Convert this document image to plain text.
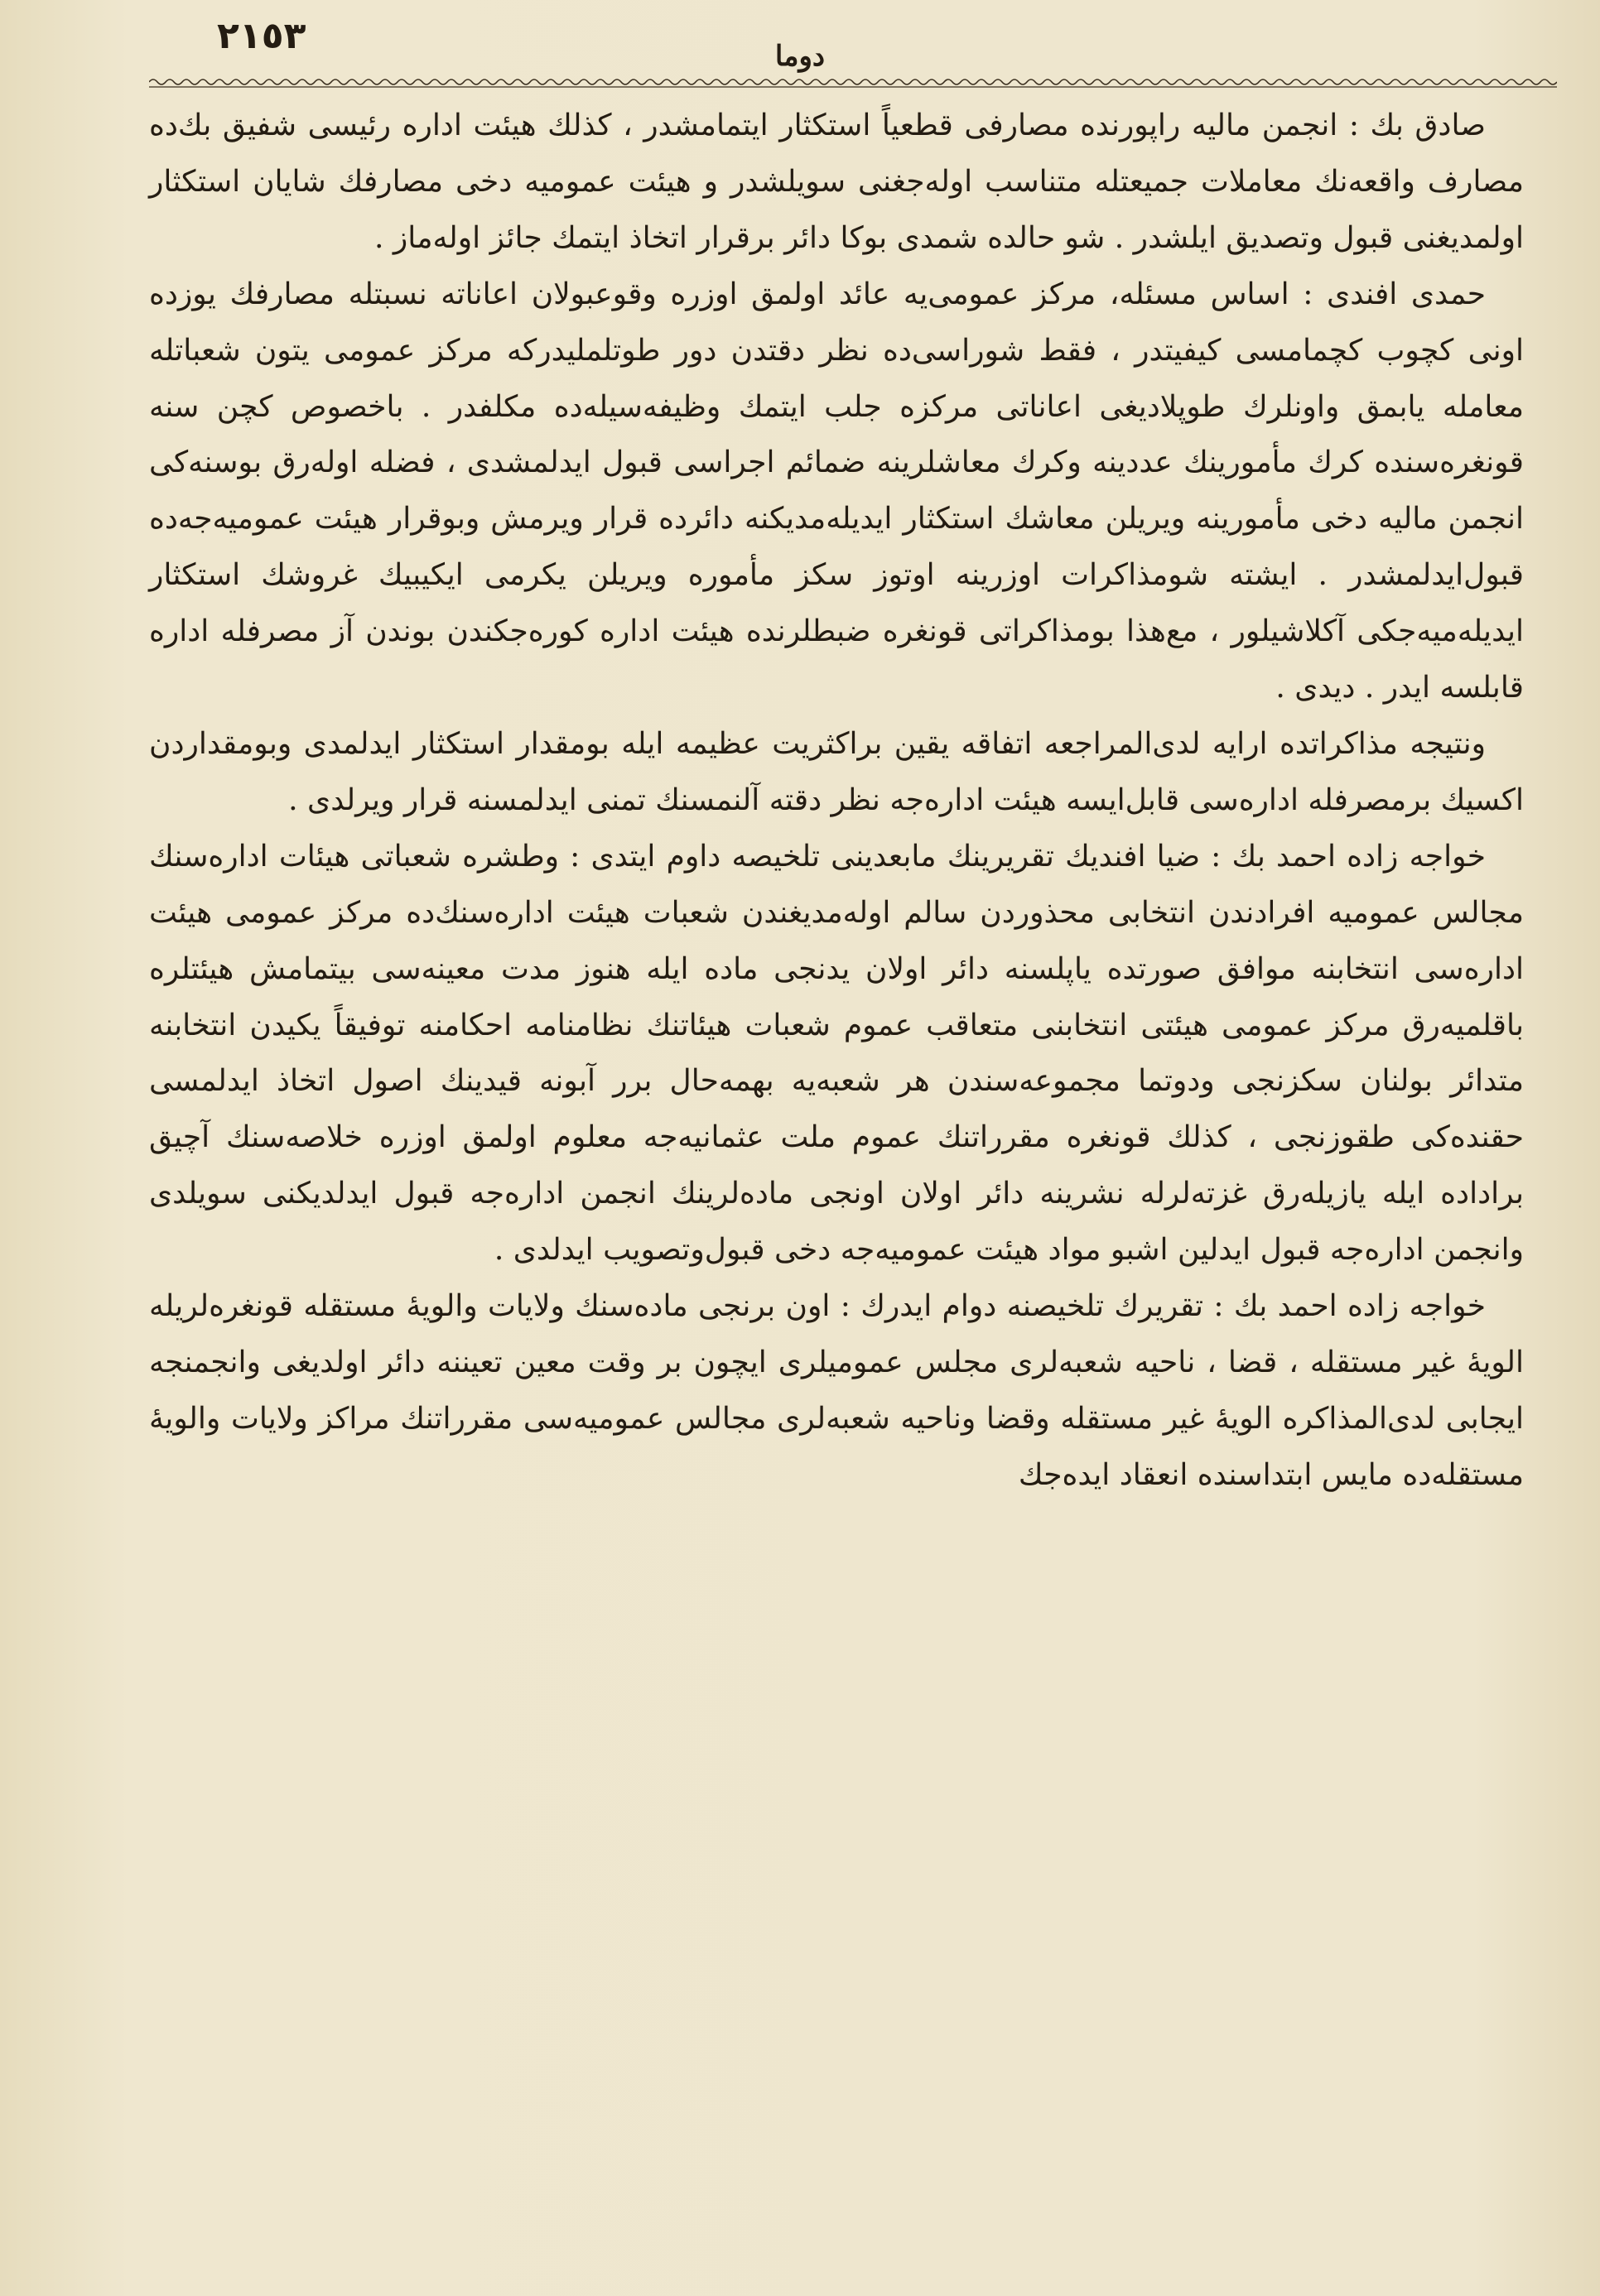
٢١٥٣	دوما

صادق بك : انجمن ماليه راپورنده مصارفى قطعياً استكثار ايتمامشدر ، كذلك هيئت اداره رئيسى شفيق بك‌ده مصارف واقعه‌نك معاملات جميعتله متناسب اوله‌جغنى سويلشدر و هيئت عموميه دخى مصارفك شايان استكثار اولمديغنى قبول وتصديق ايلشدر . شو حالده شمدى بوكا دائر برقرار اتخاذ ايتمك جائز اوله‌ماز .

حمدى افندى : اساس مسئله، مركز عمومى‌يه عائد اولمق اوزره وقوعبولان اعاناته نسبتله مصارفك يوزده اونى كچوب كچمامسى كيفيتدر ، فقط شوراسى‌ده نظر دقتدن دور طوتلمليدركه مركز عمومى يتون شعباتله معامله يابمق واونلرك طوپلاديغى اعاناتى مركزه جلب ايتمك وظيفه‌سيله‌ده مكلفدر . باخصوص كچن سنه قونغره‌سنده كرك مأمورينك عددينه وكرك معاشلرينه ضمائم اجراسى قبول ايدلمشدى ، فضله اوله‌رق بوسنه‌كى انجمن ماليه دخى مأمورينه ويريلن معاشك استكثار ايديله‌مديكنه دائرده قرار ويرمش وبوقرار هيئت عموميه‌جه‌ده قبول‌ايدلمشدر . ايشته شومذاكرات اوزرينه اوتوز سكز مأموره ويريلن يكرمى ايكيبيك غروشك استكثار ايديله‌ميه‌جكى آكلاشيلور ، مع‌هذا بومذاكراتى قونغره ضبطلرنده هيئت اداره كوره‌جكندن بوندن آز مصرفله اداره قابلسه ايدر . ديدى .

ونتيجه مذاكراتده ارايه لدى‌المراجعه اتفاقه يقين براكثريت عظيمه ايله بومقدار استكثار ايدلمدى وبومقداردن اكسيك برمصرفله اداره‌سى قابل‌ايسه هيئت اداره‌جه نظر دقته آلنمسنك تمنى ايدلمسنه قرار ويرلدى .

خواجه زاده احمد بك : ضيا افنديك تقريرينك مابعدينى تلخيصه داوم ايتدى : وطشره شعباتى هيئات اداره‌سنك مجالس عموميه افرادندن انتخابى محذوردن سالم اوله‌مديغندن شعبات هيئت اداره‌سنك‌ده مركز عمومى هيئت اداره‌سى انتخابنه موافق صورتده ياپلسنه دائر اولان يدنجى ماده ايله هنوز مدت معينه‌سى بيتمامش هيئتلره باقلميه‌رق مركز عمومى هيئتى انتخابنى متعاقب عموم شعبات هيئاتنك نظامنامه احكامنه توفيقاً يكيدن انتخابنه متدائر بولنان سكزنجى ودوتما مجموعه‌سندن هر شعبه‌يه بهمه‌حال برر آبونه قيدينك اصول اتخاذ ايدلمسى حقنده‌كى طقوزنجى ، كذلك قونغره مقرراتنك عموم ملت عثمانيه‌جه معلوم اولمق اوزره خلاصه‌سنك آچيق براداده ايله يازيله‌رق غزته‌لرله نشرينه دائر اولان اونجى ماده‌لرينك انجمن اداره‌جه قبول ايدلديكنى سويلدى وانجمن اداره‌جه قبول ايدلين اشبو مواد هيئت عموميه‌جه دخى قبول‌وتصويب ايدلدى .

خواجه زاده احمد بك : تقريرك تلخيصنه دوام ايدرك : اون برنجى ماده‌سنك ولايات والويهٔ مستقله قونغره‌لريله الويهٔ غير مستقله ، قضا ، ناحيه شعبه‌لرى مجلس عموميلرى ايچون بر وقت معين تعيننه دائر اولديغى وانجمنجه ايجابى لدى‌المذاكره الويهٔ غير مستقله وقضا وناحيه شعبه‌لرى مجالس عموميه‌سى مقرراتنك مراكز ولايات والويهٔ مستقله‌ده مايس ابتداسنده انعقاد ايده‌جك
